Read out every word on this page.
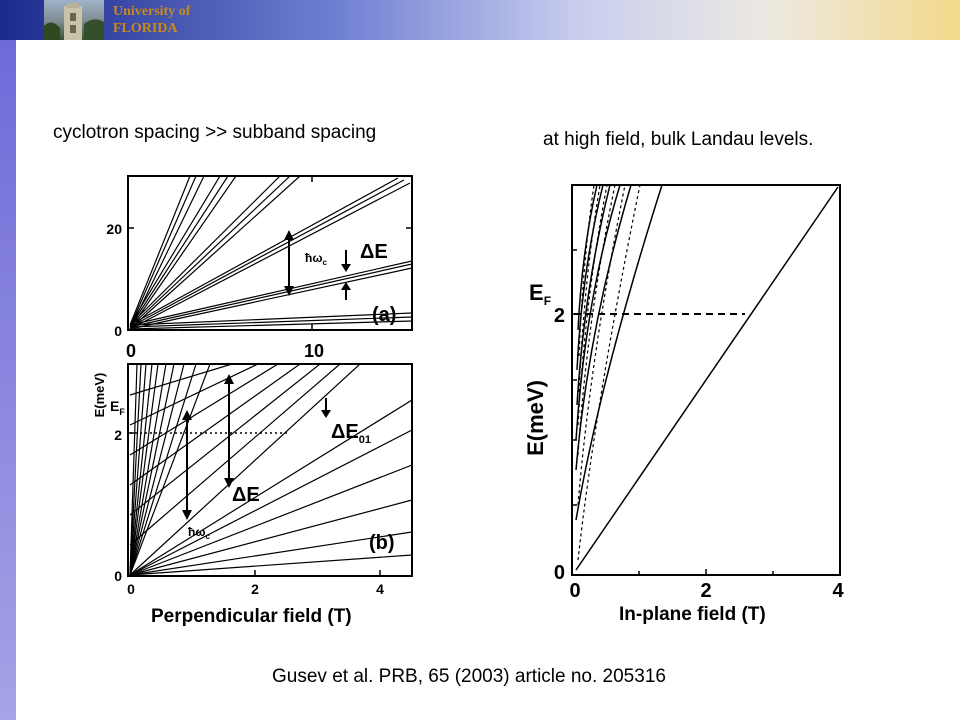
University of
FLORIDA

cyclotron spacing >> subband spacing	at high field, bulk Landau levels.

Gusev et al. PRB, 65 (2003) article no. 205316

20
0
0	10
$ħ\omega_c$ ΔE
(a)
E(meV) $E_F$
2
0
0	2	4
Perpendicular field (T)
$\Delta E_{01}$
ΔE
$ħ\omega_c$	(b)
$E_F$
2
E(meV)
0
0	2	4
In-plane field (T)
